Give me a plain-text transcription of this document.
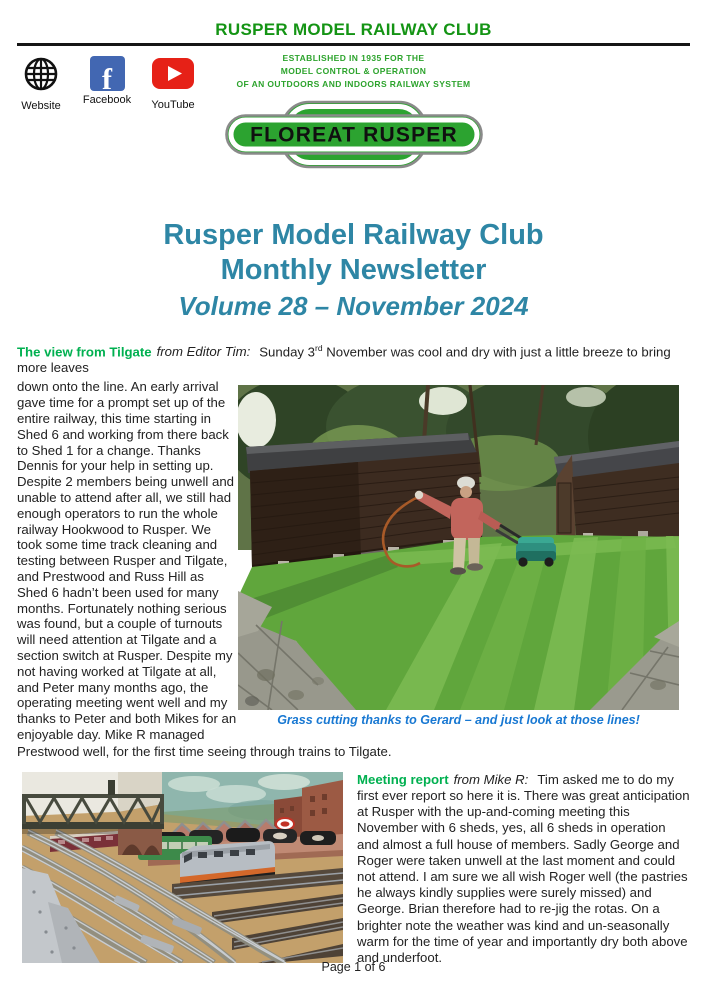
RUSPER MODEL RAILWAY CLUB
Website
f
Facebook YouTube
ESTABLISHED IN 1935 FOR THE
MODEL CONTROL & OPERATION
OF AN OUTDOORS AND INDOORS RAILWAY SYSTEM
FLOREAT RUSPER
Rusper Model Railway Club
Monthly Newsletter
Volume 28 – November 2024

The view from Tilgate from Editor Tim: Sunday 3rd November was cool and dry with just a little breeze to bring more leaves

down onto the line. An early arrival gave time for a prompt set up of the entire railway, this time starting in Shed 6 and working from there back to Shed 1 for a change. Thanks Dennis for your help in setting up. Despite 2 members being unwell and unable to attend after all, we still had enough operators to run the whole railway Hookwood to Rusper. We took some time track cleaning and testing between Rusper and Tilgate, and Prestwood and Russ Hill as Shed 6 hadn’t been used for many months. Fortunately nothing serious was found, but a couple of turnouts will need attention at Tilgate and a section switch at Rusper. Despite my not having worked at Tilgate at all, and Peter many months ago, the operating meeting went well and my thanks to Peter and both Mikes for an enjoyable day. Mike R managed
Grass cutting thanks to Gerard – and just look at those lines!

Prestwood well, for the first time seeing through trains to Tilgate.

Meeting report from Mike R: Tim asked me to do my first ever report so here it is. There was great anticipation at Rusper with the up-and-coming meeting this November with 6 sheds, yes, all 6 sheds in operation and almost a full house of members. Sadly George and Roger were taken unwell at the last moment and could not attend. I am sure we all wish Roger well (the pastries he always kindly supplies were surely missed) and George. Brian therefore had to re-jig the rotas. On a brighter note the weather was kind and un-seasonally warm for the time of year and importantly dry both above and underfoot.
Page 1 of 6
